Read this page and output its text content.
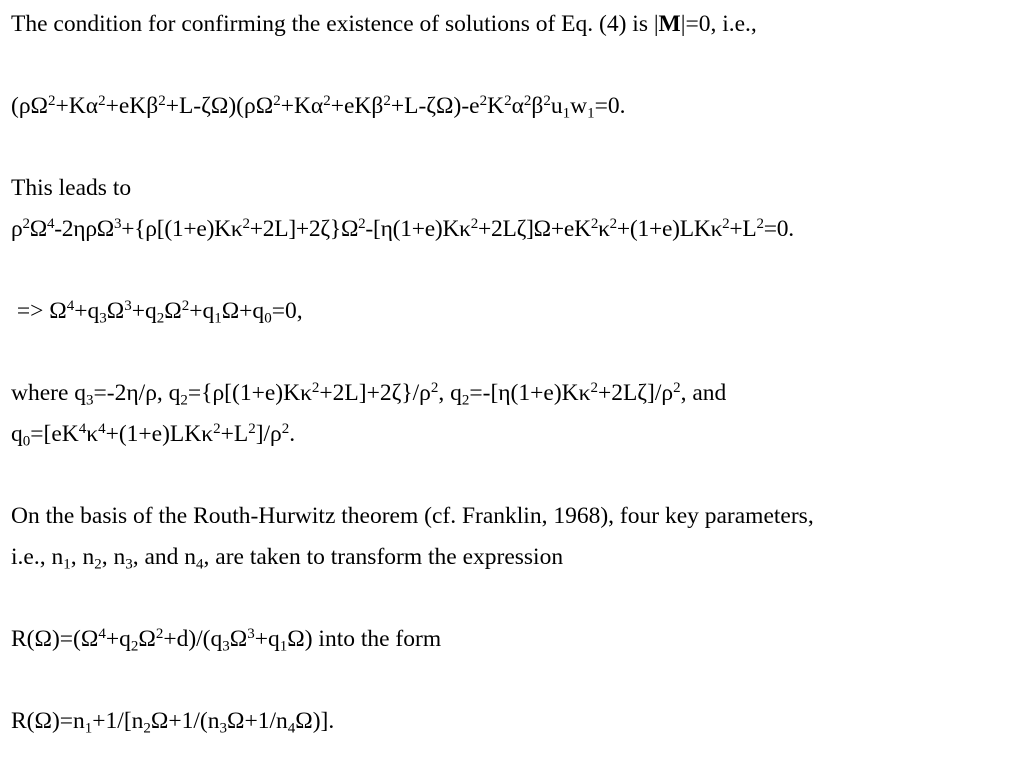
The condition for confirming the existence of solutions of Eq. (4) is |M|=0, i.e.,
$(\rho\Omega^2+K\alpha^2+eK\beta^2+L-\zeta\Omega)(\rho\Omega^2+K\alpha^2+eK\beta^2+L-\zeta\Omega)-e^2K^2\alpha^2\beta^2u_1w_1=0$.
This leads to
$\rho^2\Omega^4-2\eta\rho\Omega^3+\{\rho[(1+e)K\kappa^2+2L]+2\zeta\}\Omega^2-[\eta(1+e)K\kappa^2+2L\zeta]\Omega+eK^2\kappa^2+(1+e)LK\kappa^2+L^2=0$.
=> $\Omega^4+q_3\Omega^3+q_2\Omega^2+q_1\Omega+q_0=0$,
where $q_3=-2\eta/\rho$, $q_2=\{\rho[(1+e)K\kappa^2+2L]+2\zeta\}/\rho^2$, $q_2=-[\eta(1+e)K\kappa^2+2L\zeta]/\rho^2$, and
$q_0=[eK^4\kappa^4+(1+e)LK\kappa^2+L^2]/\rho^2$.
On the basis of the Routh-Hurwitz theorem (cf. Franklin, 1968), four key parameters,
i.e., $n_1$, $n_2$, $n_3$, and $n_4$, are taken to transform the expression
$R(\Omega)=(\Omega^4+q_2\Omega^2+d)/(q_3\Omega^3+q_1\Omega)$ into the form
$R(\Omega)=n_1+1/[n_2\Omega+1/(n_3\Omega+1/n_4\Omega)]$.
